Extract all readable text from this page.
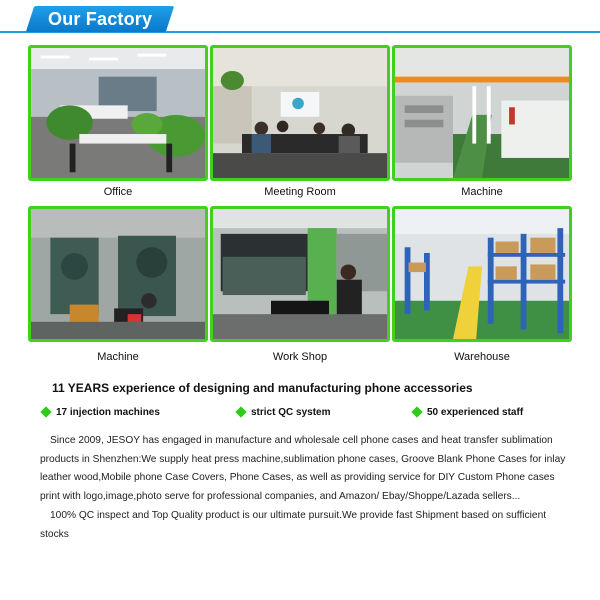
Our Factory
Office	Meeting Room	Machine
Machine	Work Shop	Warehouse
11 YEARS experience of designing and manufacturing phone accessories
17 injection machines	strict QC system	50 experienced staff
Since 2009, JESOY has engaged in manufacture and wholesale cell phone cases and heat transfer sublimation products in Shenzhen:We supply heat press machine,sublimation phone cases, Groove Blank Phone Cases for inlay leather wood,Mobile phone Case Covers, Phone Cases, as well as providing service for DIY Custom Phone cases print with logo,image,photo serve for professional companies, and Amazon/ Ebay/Shoppe/Lazada sellers...
100% QC inspect and Top Quality product is our ultimate pursuit.We provide fast Shipment based on sufficient stocks
